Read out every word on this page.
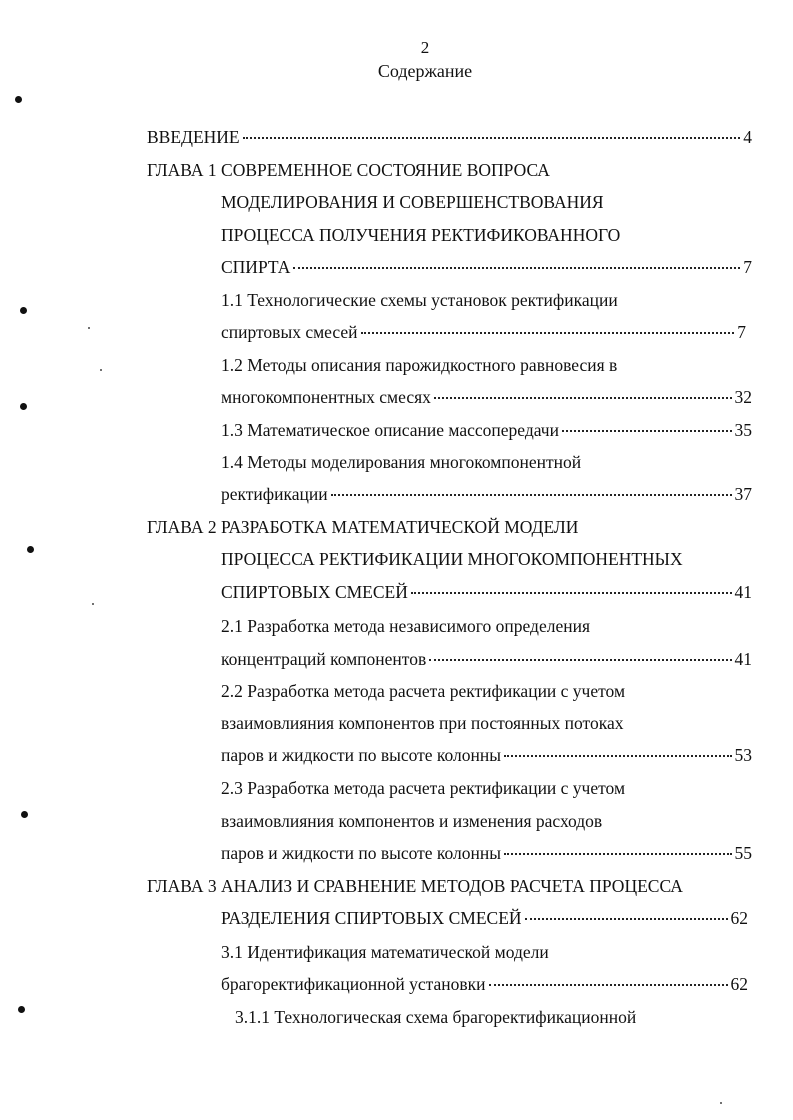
2
Содержание
ВВЕДЕНИЕ	4
ГЛАВА 1 СОВРЕМЕННОЕ СОСТОЯНИЕ ВОПРОСА
МОДЕЛИРОВАНИЯ И СОВЕРШЕНСТВОВАНИЯ
ПРОЦЕССА ПОЛУЧЕНИЯ РЕКТИФИКОВАННОГО
СПИРТА	7
1.1 Технологические схемы установок ректификации
спиртовых смесей	7
1.2 Методы описания парожидкостного равновесия в
многокомпонентных смесях	32
1.3 Математическое описание массопередачи	35
1.4 Методы моделирования многокомпонентной
ректификации	37
ГЛАВА 2 РАЗРАБОТКА МАТЕМАТИЧЕСКОЙ МОДЕЛИ
ПРОЦЕССА РЕКТИФИКАЦИИ МНОГОКОМПОНЕНТНЫХ
СПИРТОВЫХ СМЕСЕЙ	41
2.1 Разработка метода независимого определения
концентраций компонентов	41
2.2 Разработка метода расчета ректификации с учетом
взаимовлияния компонентов при постоянных потоках
паров и жидкости по высоте колонны	53
2.3 Разработка метода расчета ректификации с учетом
взаимовлияния компонентов и изменения расходов
паров и жидкости по высоте колонны	55
ГЛАВА 3 АНАЛИЗ И СРАВНЕНИЕ МЕТОДОВ РАСЧЕТА ПРОЦЕССА
РАЗДЕЛЕНИЯ СПИРТОВЫХ СМЕСЕЙ	62
3.1 Идентификация математической модели
брагоректификационной установки	62
3.1.1 Технологическая схема брагоректификационной
